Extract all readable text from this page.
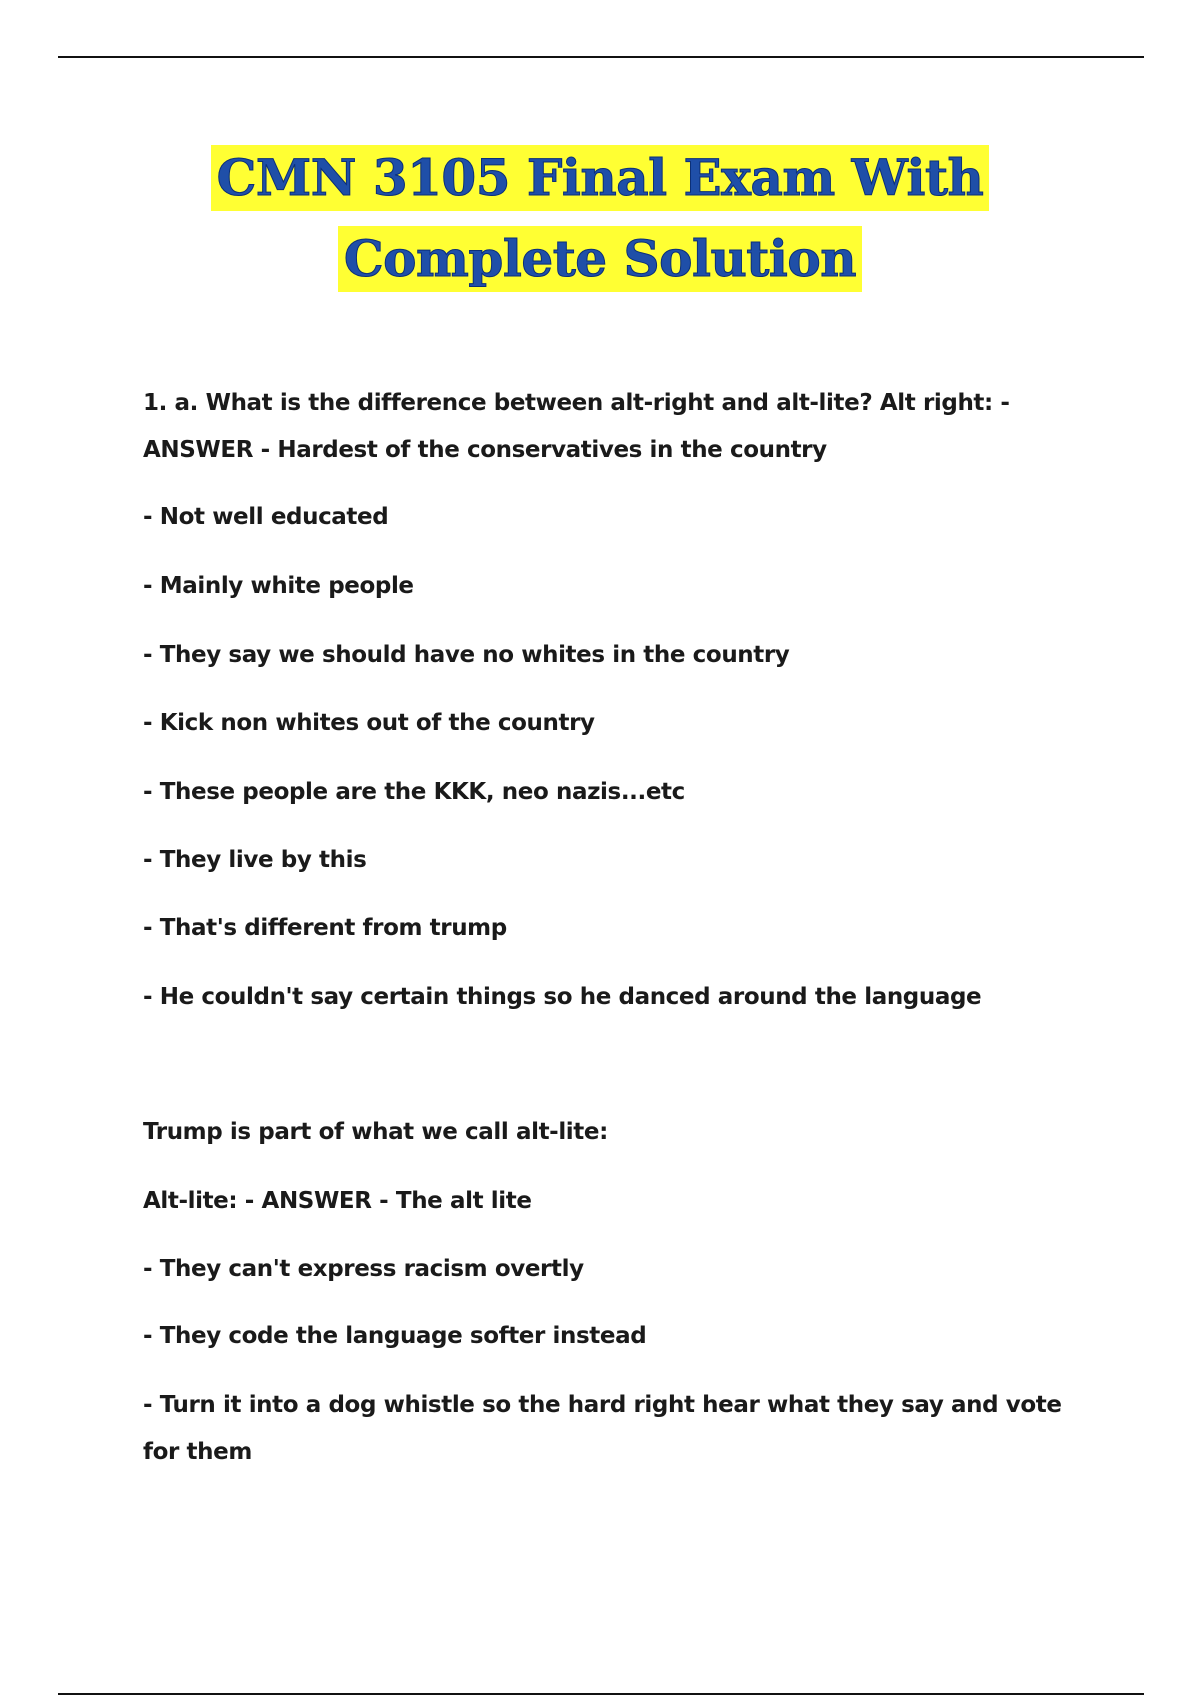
CMN 3105 Final Exam With
Complete Solution

1. a. What is the difference between alt-right and alt-lite? Alt right: - ANSWER - Hardest of the conservatives in the country

- Not well educated

- Mainly white people

- They say we should have no whites in the country

- Kick non whites out of the country

- These people are the KKK, neo nazis...etc

- They live by this

- That's different from trump

- He couldn't say certain things so he danced around the language

Trump is part of what we call alt-lite:

Alt-lite: - ANSWER - The alt lite

- They can't express racism overtly

- They code the language softer instead

- Turn it into a dog whistle so the hard right hear what they say and vote for them
